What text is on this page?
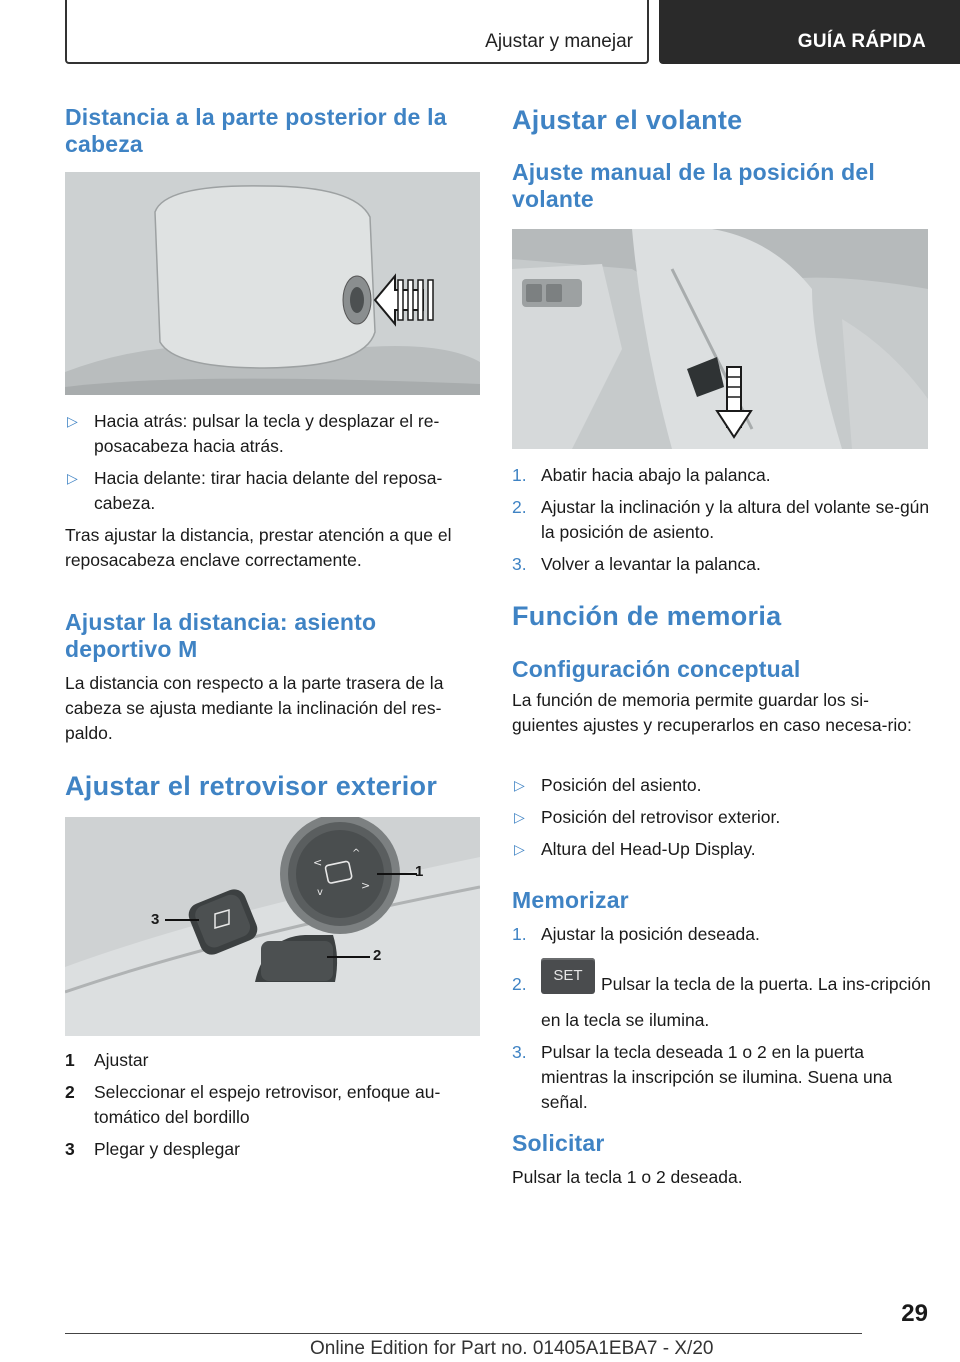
Ajustar y manejar	GUÍA RÁPIDA
Distancia a la parte posterior de la cabeza
▷ Hacia atrás: pulsar la tecla y desplazar el re-posacabeza hacia atrás.
▷ Hacia delante: tirar hacia delante del reposa-cabeza.

Tras ajustar la distancia, prestar atención a que el reposacabeza enclave correctamente.

Ajustar la distancia: asiento deportivo M

La distancia con respecto a la parte trasera de la cabeza se ajusta mediante la inclinación del res-paldo.

Ajustar el retrovisor exterior
<
>
v
^
1
2
3
1 Ajustar
2 Seleccionar el espejo retrovisor, enfoque au-tomático del bordillo
3 Plegar y desplegar
Ajustar el volante
Ajuste manual de la posición del volante
1. Abatir hacia abajo la palanca.
2. Ajustar la inclinación y la altura del volante se-gún la posición de asiento.
3. Volver a levantar la palanca.
Función de memoria
Configuración conceptual

La función de memoria permite guardar los si-guientes ajustes y recuperarlos en caso necesa-rio:

▷ Posición del asiento.
▷ Posición del retrovisor exterior.
▷ Altura del Head-Up Display.
Memorizar
1. Ajustar la posición deseada.
2. SET Pulsar la tecla de la puerta. La ins-cripción en la tecla se ilumina.
3. Pulsar la tecla deseada 1 o 2 en la puerta mientras la inscripción se ilumina. Suena una señal.
Solicitar

Pulsar la tecla 1 o 2 deseada.

29
Online Edition for Part no. 01405A1EBA7 - X/20
